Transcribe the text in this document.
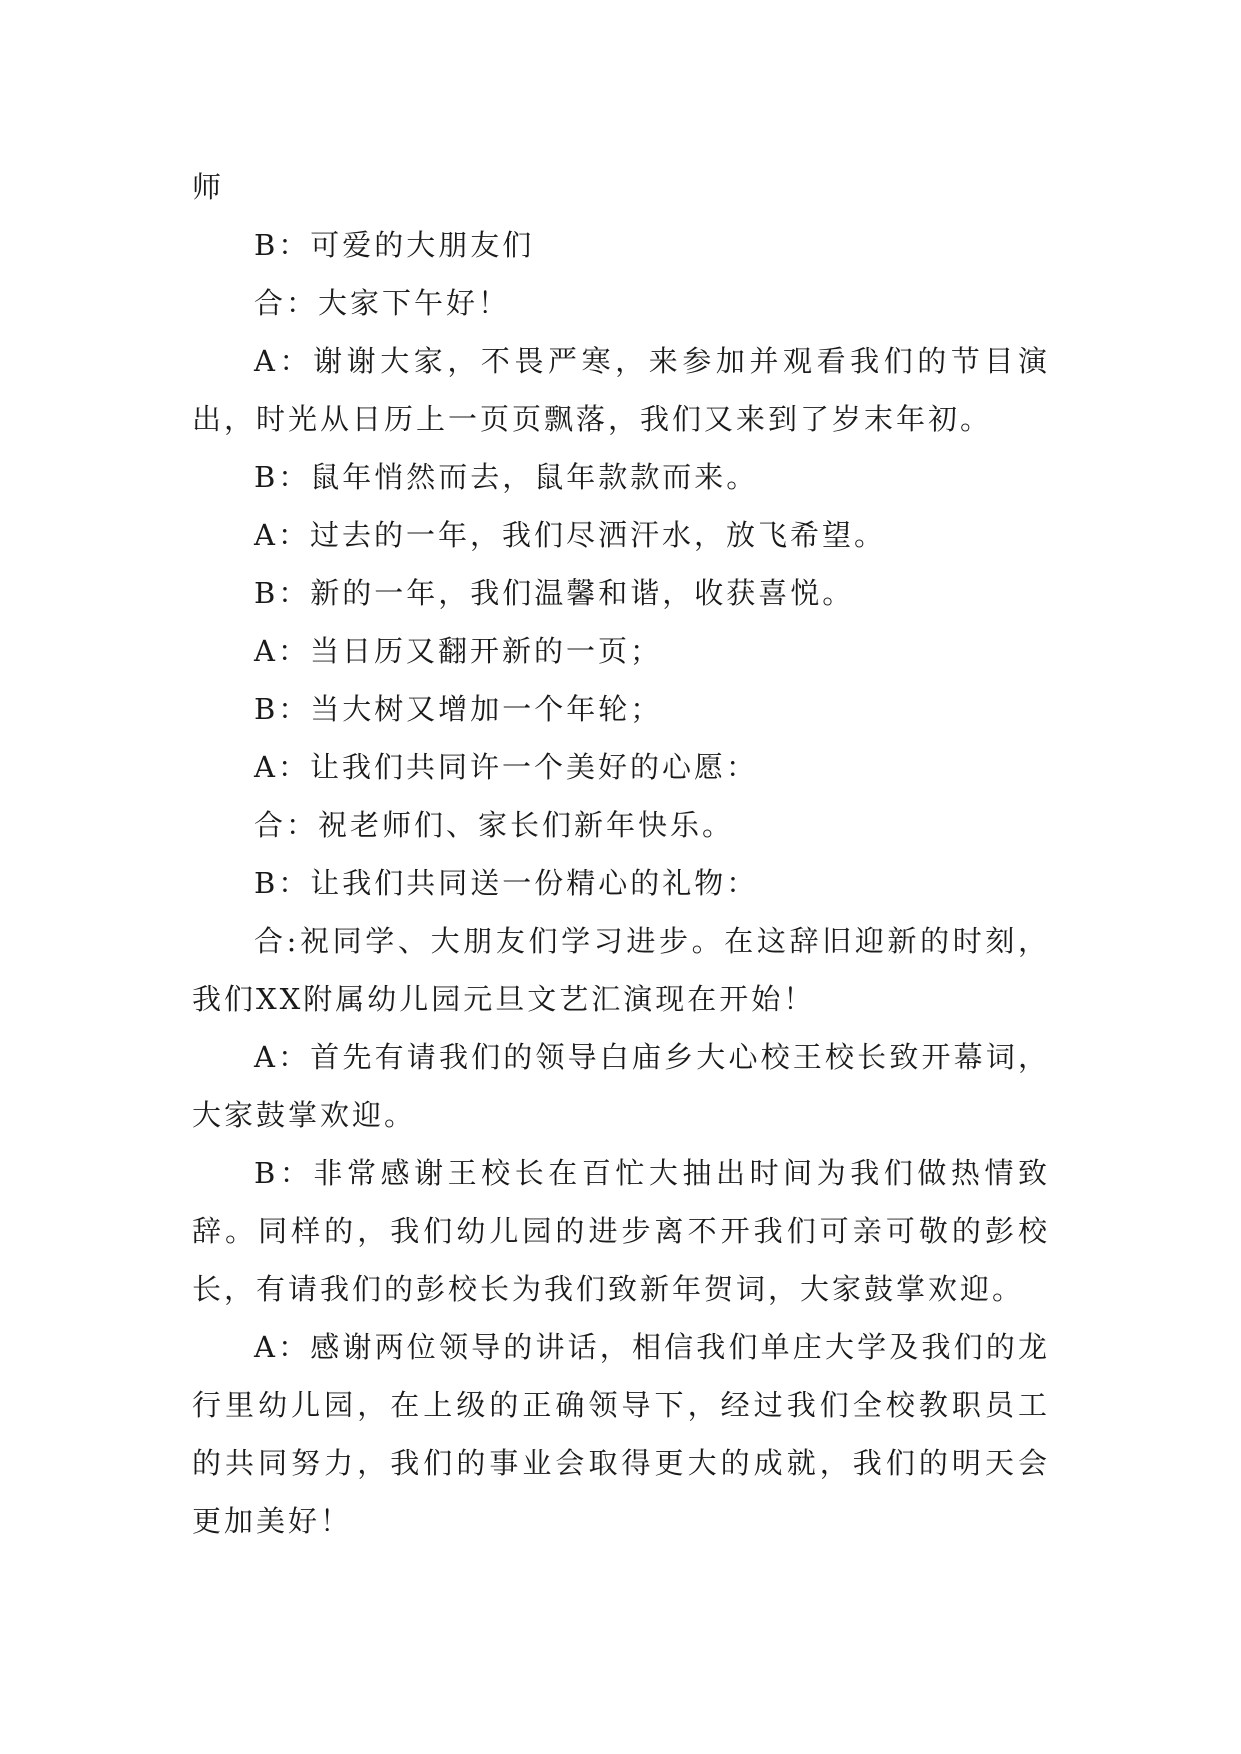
师

B：可爱的大朋友们

合：大家下午好！

A：谢谢大家，不畏严寒，来参加并观看我们的节目演出，时光从日历上一页页飘落，我们又来到了岁末年初。

B：鼠年悄然而去，鼠年款款而来。

A：过去的一年，我们尽洒汗水，放飞希望。

B：新的一年，我们温馨和谐，收获喜悦。

A：当日历又翻开新的一页；

B：当大树又增加一个年轮；

A：让我们共同许一个美好的心愿：

合：祝老师们、家长们新年快乐。

B：让我们共同送一份精心的礼物：

合:祝同学、大朋友们学习进步。在这辞旧迎新的时刻，我们XX附属幼儿园元旦文艺汇演现在开始！

A：首先有请我们的领导白庙乡大心校王校长致开幕词，大家鼓掌欢迎。

B：非常感谢王校长在百忙大抽出时间为我们做热情致辞。同样的，我们幼儿园的进步离不开我们可亲可敬的彭校长，有请我们的彭校长为我们致新年贺词，大家鼓掌欢迎。

A：感谢两位领导的讲话，相信我们单庄大学及我们的龙行里幼儿园，在上级的正确领导下，经过我们全校教职员工的共同努力，我们的事业会取得更大的成就，我们的明天会更加美好！
